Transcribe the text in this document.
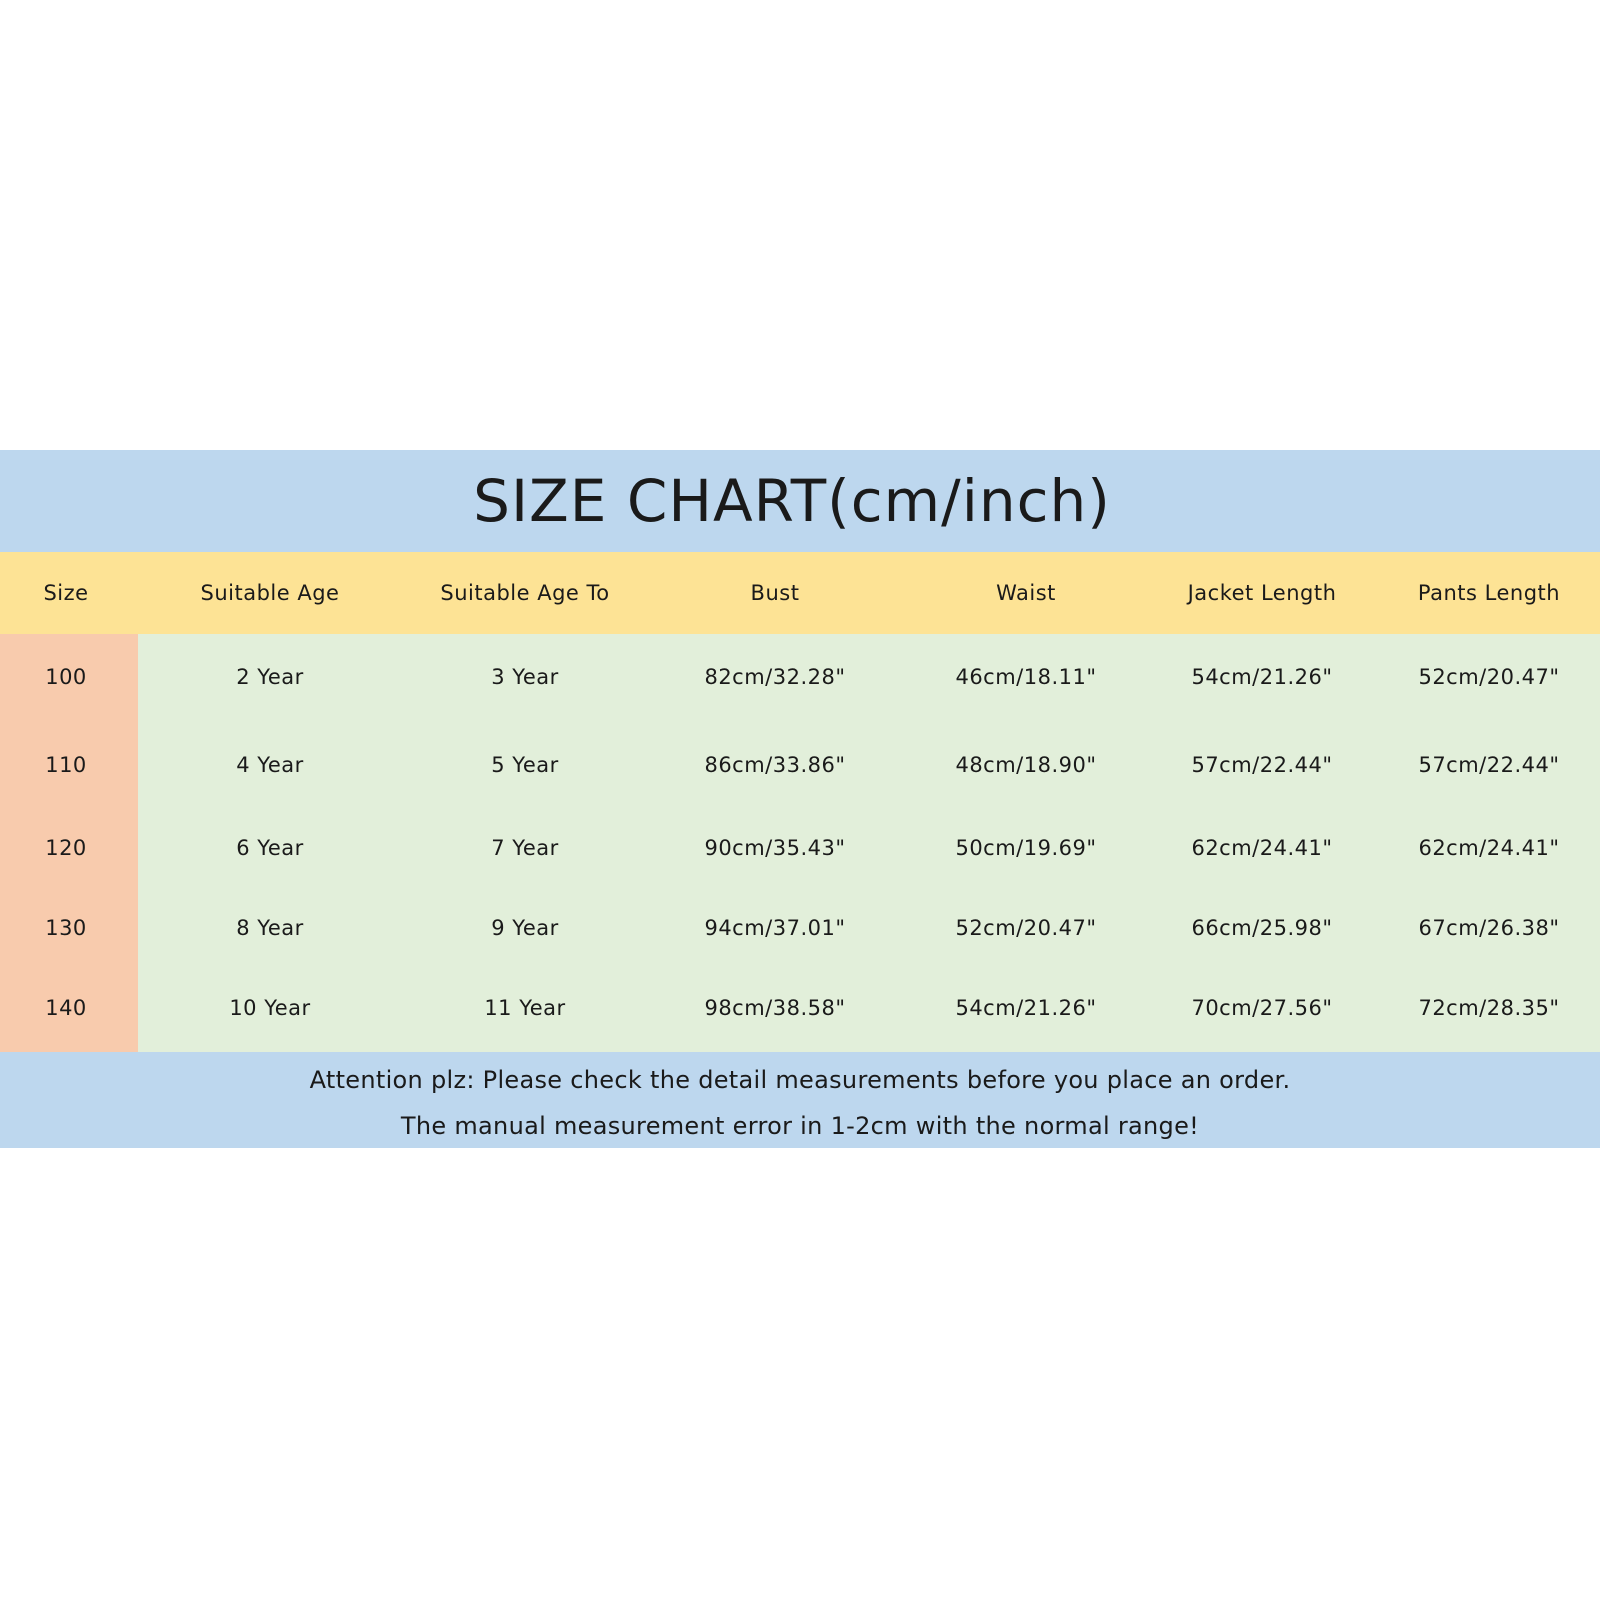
SIZE CHART(cm/inch)
Attention plz: Please check the detail measurements before you place an order.
The manual measurement error in 1-2cm with the normal range!
Size	Suitable Age	Suitable Age To	Bust	Waist	Jacket Length	Pants Length
100	2 Year	3 Year	82cm/32.28"	46cm/18.11"	54cm/21.26"	52cm/20.47"
110	4 Year	5 Year	86cm/33.86"	48cm/18.90"	57cm/22.44"	57cm/22.44"
120	6 Year	7 Year	90cm/35.43"	50cm/19.69"	62cm/24.41"	62cm/24.41"
130	8 Year	9 Year	94cm/37.01"	52cm/20.47"	66cm/25.98"	67cm/26.38"
140	10 Year	11 Year	98cm/38.58"	54cm/21.26"	70cm/27.56"	72cm/28.35"
